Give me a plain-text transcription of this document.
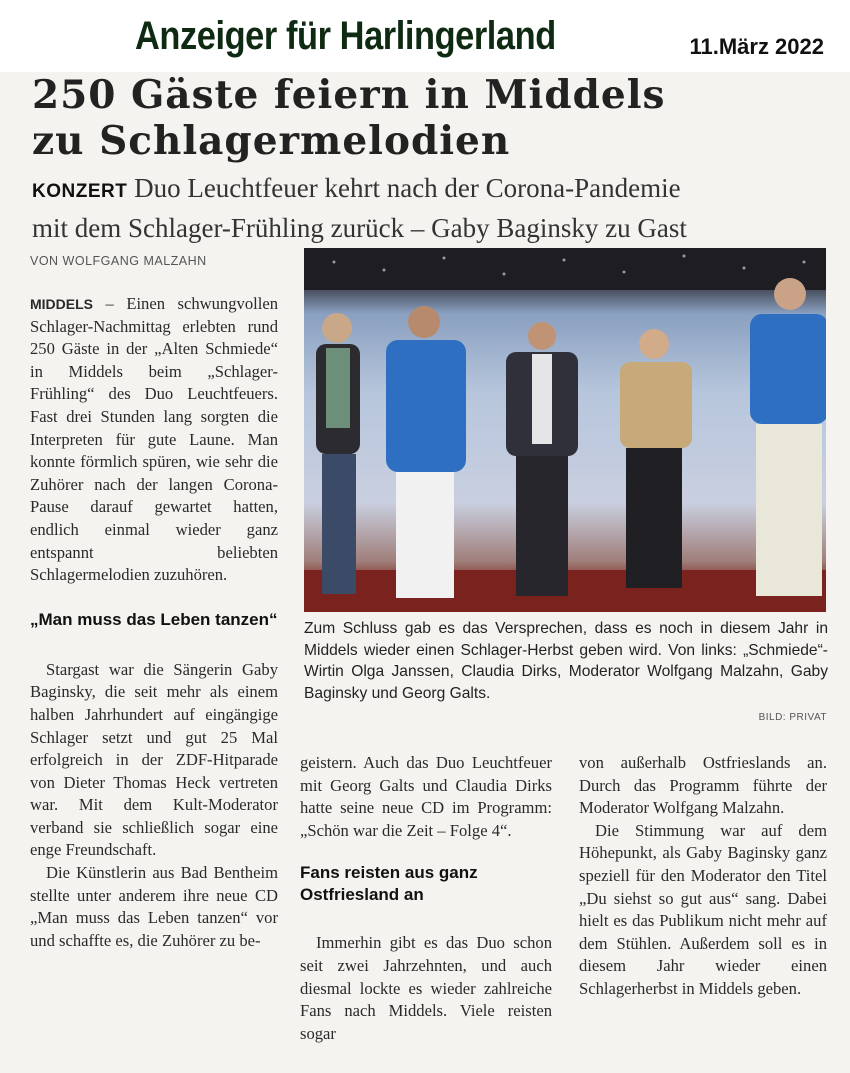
Anzeiger für Harlingerland	11.März 2022
250 Gäste feiern in Middels
zu Schlagermelodien
KONZERT Duo Leuchtfeuer kehrt nach der Corona-Pandemie
mit dem Schlager-Frühling zurück – Gaby Baginsky zu Gast
VON WOLFGANG MALZAHN

MIDDELS – Einen schwungvollen Schlager-Nachmittag erlebten rund 250 Gäste in der „Alten Schmiede“ in Middels beim „Schlager-Frühling“ des Duo Leuchtfeuers. Fast drei Stunden lang sorgten die Interpreten für gute Laune. Man konnte förmlich spüren, wie sehr die Zuhörer nach der langen Corona-Pause darauf gewartet hatten, endlich einmal wieder ganz entspannt beliebten Schlagermelodien zuzuhören.

„Man muss das Leben tanzen“

Stargast war die Sängerin Gaby Baginsky, die seit mehr als einem halben Jahrhundert auf eingängige Schlager setzt und gut 25 Mal erfolgreich in der ZDF-Hitparade von Dieter Thomas Heck vertreten war. Mit dem Kult-Moderator verband sie schließlich sogar eine enge Freundschaft.

Die Künstlerin aus Bad Bentheim stellte unter anderem ihre neue CD „Man muss das Leben tanzen“ vor und schaffte es, die Zuhörer zu be-

Zum Schluss gab es das Versprechen, dass es noch in diesem Jahr in Middels wieder einen Schlager-Herbst geben wird. Von links: „Schmiede“-Wirtin Olga Janssen, Claudia Dirks, Moderator Wolfgang Malzahn, Gaby Baginsky und Georg Galts.
BILD: PRIVAT

geistern. Auch das Duo Leuchtfeuer mit Georg Galts und Claudia Dirks hatte seine neue CD im Programm: „Schön war die Zeit – Folge 4“.

Fans reisten aus ganz Ostfriesland an

Immerhin gibt es das Duo schon seit zwei Jahrzehnten, und auch diesmal lockte es wieder zahlreiche Fans nach Middels. Viele reisten sogar

von außerhalb Ostfrieslands an. Durch das Programm führte der Moderator Wolfgang Malzahn.

Die Stimmung war auf dem Höhepunkt, als Gaby Baginsky ganz speziell für den Moderator den Titel „Du siehst so gut aus“ sang. Dabei hielt es das Publikum nicht mehr auf dem Stühlen. Außerdem soll es in diesem Jahr wieder einen Schlagerherbst in Middels geben.
